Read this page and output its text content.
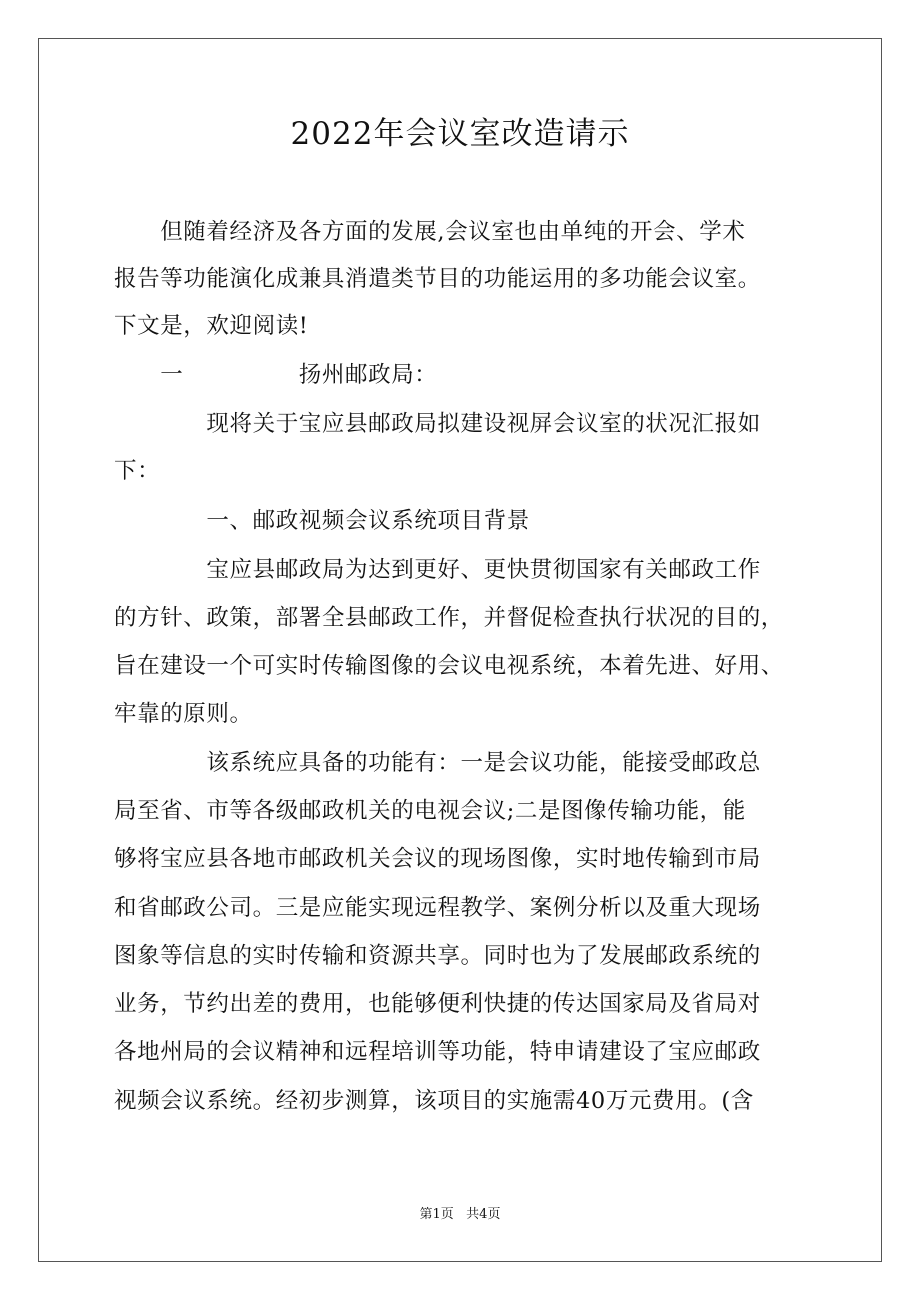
2022年会议室改造请示
　　但随着经济及各方面的发展,会议室也由单纯的开会、学术
报告等功能演化成兼具消遣类节目的功能运用的多功能会议室。
下文是，欢迎阅读!
　　一　　　　　扬州邮政局：
　　　　现将关于宝应县邮政局拟建设视屏会议室的状况汇报如
下：
　　　　一、邮政视频会议系统项目背景
　　　　宝应县邮政局为达到更好、更快贯彻国家有关邮政工作
的方针、政策，部署全县邮政工作，并督促检查执行状况的目的，
旨在建设一个可实时传输图像的会议电视系统，本着先进、好用、
牢靠的原则。
　　　　该系统应具备的功能有：一是会议功能，能接受邮政总
局至省、市等各级邮政机关的电视会议;二是图像传输功能，能
够将宝应县各地市邮政机关会议的现场图像，实时地传输到市局
和省邮政公司。三是应能实现远程教学、案例分析以及重大现场
图象等信息的实时传输和资源共享。同时也为了发展邮政系统的
业务，节约出差的费用，也能够便利快捷的传达国家局及省局对
各地州局的会议精神和远程培训等功能，特申请建设了宝应邮政
视频会议系统。经初步测算，该项目的实施需40万元费用。(含
第1页   共4页
